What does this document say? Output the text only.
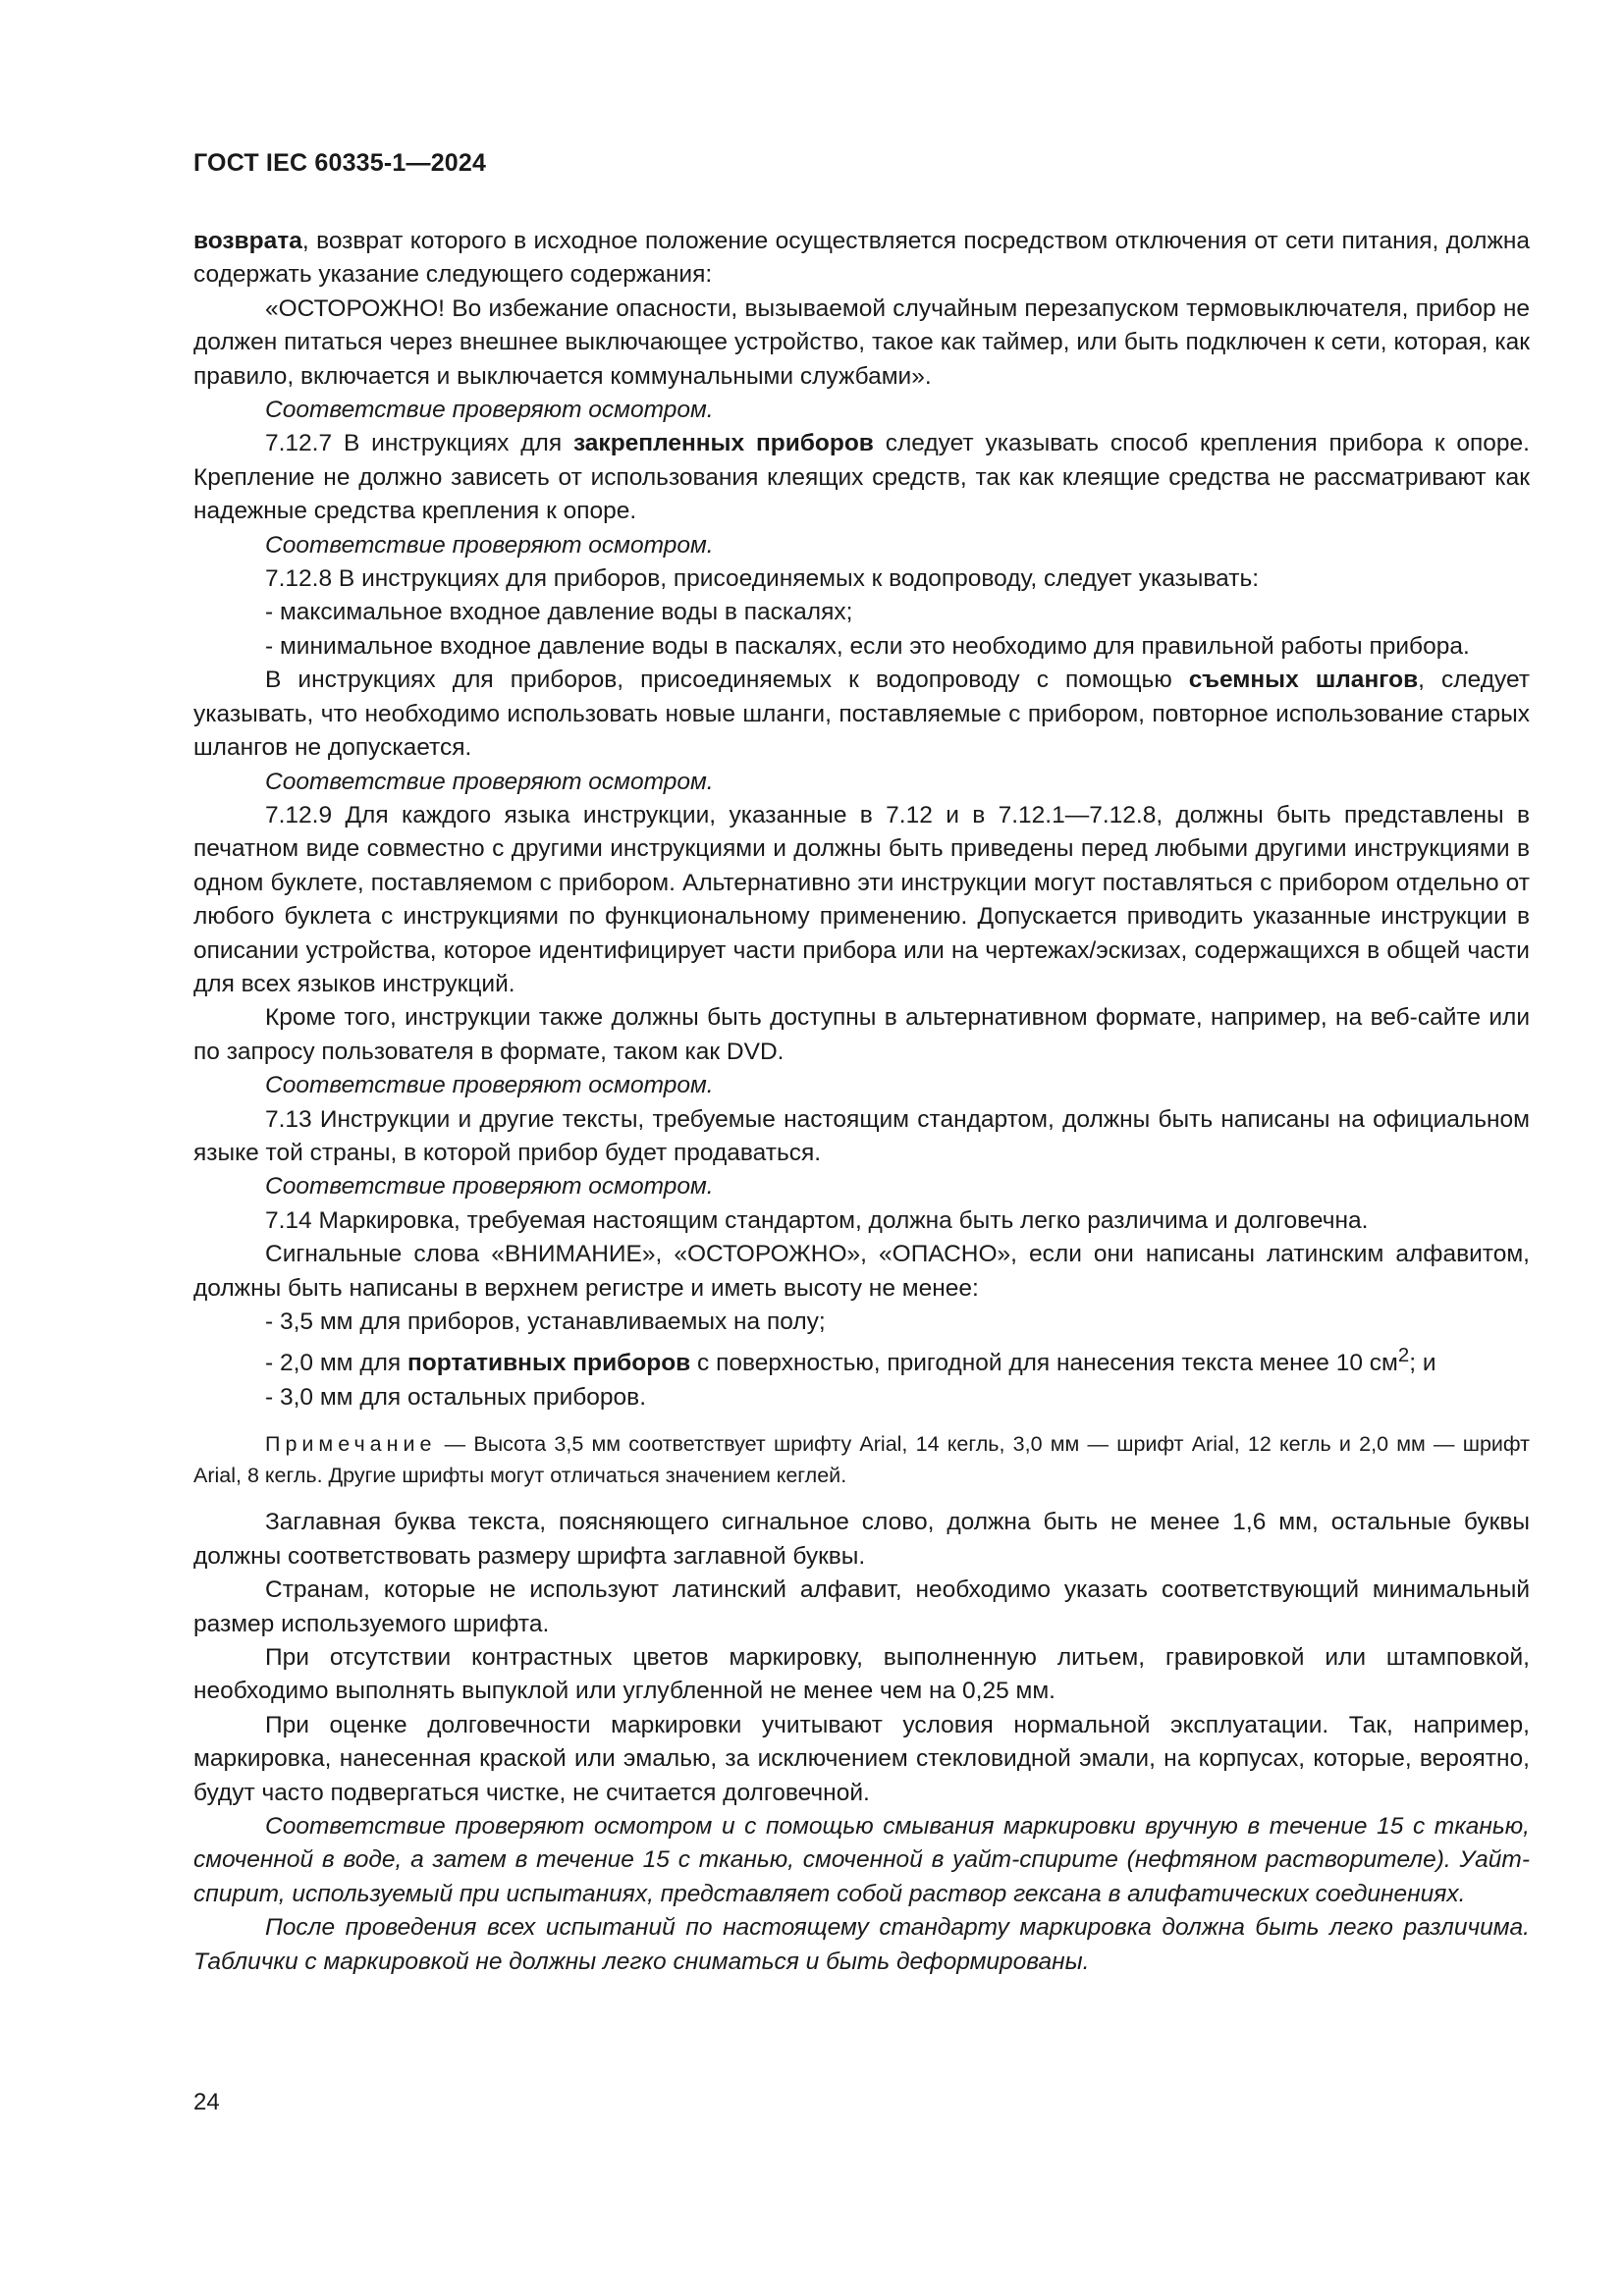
ГОСТ IEC 60335-1—2024

возврата, возврат которого в исходное положение осуществляется посредством отключения от сети питания, должна содержать указание следующего содержания:

«ОСТОРОЖНО! Во избежание опасности, вызываемой случайным перезапуском термовыключателя, прибор не должен питаться через внешнее выключающее устройство, такое как таймер, или быть подключен к сети, которая, как правило, включается и выключается коммунальными службами».

Соответствие проверяют осмотром.

7.12.7 В инструкциях для закрепленных приборов следует указывать способ крепления прибора к опоре. Крепление не должно зависеть от использования клеящих средств, так как клеящие средства не рассматривают как надежные средства крепления к опоре.

Соответствие проверяют осмотром.

7.12.8 В инструкциях для приборов, присоединяемых к водопроводу, следует указывать:

- максимальное входное давление воды в паскалях;

- минимальное входное давление воды в паскалях, если это необходимо для правильной работы прибора.

В инструкциях для приборов, присоединяемых к водопроводу с помощью съемных шлангов, следует указывать, что необходимо использовать новые шланги, поставляемые с прибором, повторное использование старых шлангов не допускается.

Соответствие проверяют осмотром.

7.12.9 Для каждого языка инструкции, указанные в 7.12 и в 7.12.1—7.12.8, должны быть представлены в печатном виде совместно с другими инструкциями и должны быть приведены перед любыми другими инструкциями в одном буклете, поставляемом с прибором. Альтернативно эти инструкции могут поставляться с прибором отдельно от любого буклета с инструкциями по функциональному применению. Допускается приводить указанные инструкции в описании устройства, которое идентифицирует части прибора или на чертежах/эскизах, содержащихся в общей части для всех языков инструкций.

Кроме того, инструкции также должны быть доступны в альтернативном формате, например, на веб-сайте или по запросу пользователя в формате, таком как DVD.

Соответствие проверяют осмотром.

7.13 Инструкции и другие тексты, требуемые настоящим стандартом, должны быть написаны на официальном языке той страны, в которой прибор будет продаваться.

Соответствие проверяют осмотром.

7.14 Маркировка, требуемая настоящим стандартом, должна быть легко различима и долговечна.

Сигнальные слова «ВНИМАНИЕ», «ОСТОРОЖНО», «ОПАСНО», если они написаны латинским алфавитом, должны быть написаны в верхнем регистре и иметь высоту не менее:

- 3,5 мм для приборов, устанавливаемых на полу;

- 2,0 мм для портативных приборов с поверхностью, пригодной для нанесения текста менее 10 $см^2$; и

- 3,0 мм для остальных приборов.

Примечание — Высота 3,5 мм соответствует шрифту Arial, 14 кегль, 3,0 мм — шрифт Arial, 12 кегль и 2,0 мм — шрифт Arial, 8 кегль. Другие шрифты могут отличаться значением кеглей.

Заглавная буква текста, поясняющего сигнальное слово, должна быть не менее 1,6 мм, остальные буквы должны соответствовать размеру шрифта заглавной буквы.

Странам, которые не используют латинский алфавит, необходимо указать соответствующий минимальный размер используемого шрифта.

При отсутствии контрастных цветов маркировку, выполненную литьем, гравировкой или штамповкой, необходимо выполнять выпуклой или углубленной не менее чем на 0,25 мм.

При оценке долговечности маркировки учитывают условия нормальной эксплуатации. Так, например, маркировка, нанесенная краской или эмалью, за исключением стекловидной эмали, на корпусах, которые, вероятно, будут часто подвергаться чистке, не считается долговечной.

Соответствие проверяют осмотром и с помощью смывания маркировки вручную в течение 15 с тканью, смоченной в воде, а затем в течение 15 с тканью, смоченной в уайт-спирите (нефтяном растворителе). Уайт-спирит, используемый при испытаниях, представляет собой раствор гексана в алифатических соединениях.

После проведения всех испытаний по настоящему стандарту маркировка должна быть легко различима. Таблички с маркировкой не должны легко сниматься и быть деформированы.

24
